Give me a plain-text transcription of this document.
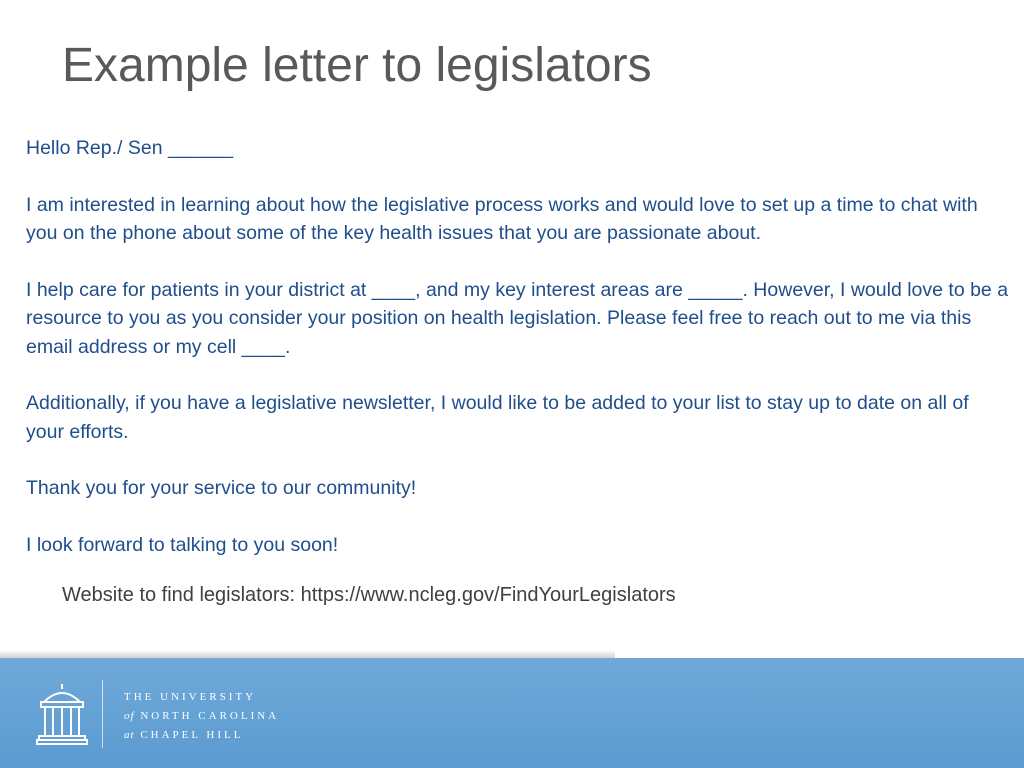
Example letter to legislators

Hello Rep./ Sen ______

I am interested in learning about how the legislative process works and would love to set up a time to chat with you on the phone about some of the key health issues that you are passionate about.

I help care for patients in your district at ____, and my key interest areas are _____. However, I would love to be a resource to you as you consider your position on health legislation. Please feel free to reach out to me via this email address or my cell ____.

Additionally, if you have a legislative newsletter, I would like to be added to your list to stay up to date on all of your efforts.

Thank you for your service to our community!

I look forward to talking to you soon!

Website to find legislators: https://www.ncleg.gov/FindYourLegislators

THE UNIVERSITY
of NORTH CAROLINA
at CHAPEL HILL
